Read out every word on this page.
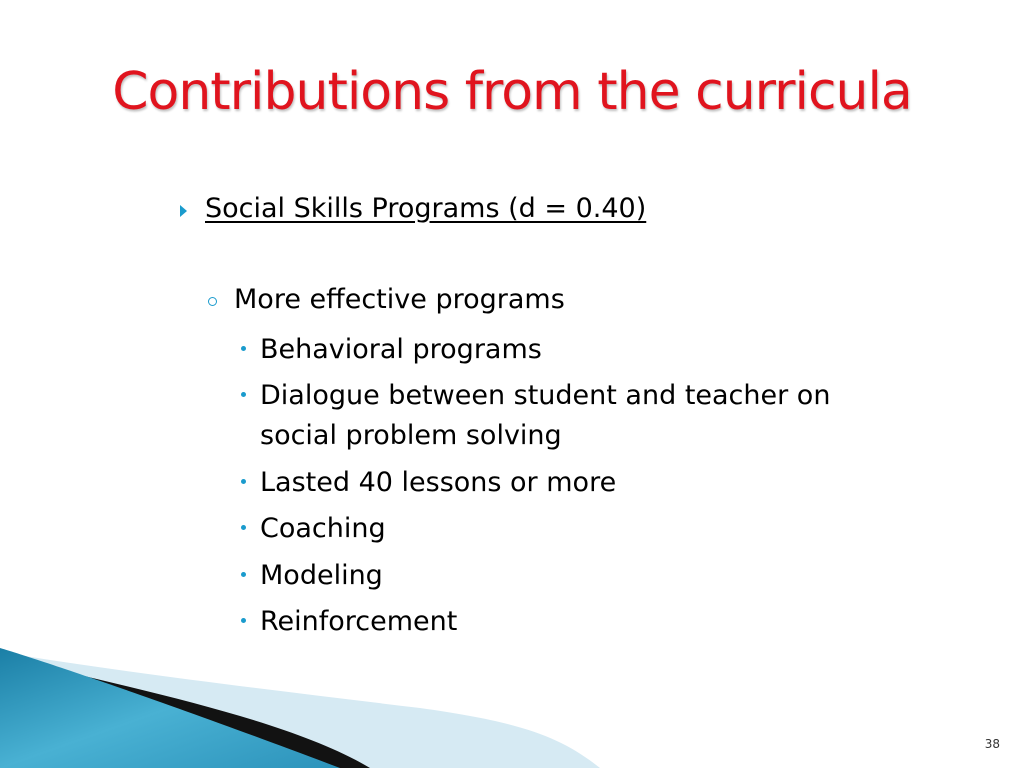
Contributions from the curricula
Social Skills Programs (d = 0.40)
More effective programs
Behavioral programs
Dialogue between student and teacher on
social problem solving
Lasted 40 lessons or more
Coaching
Modeling
Reinforcement
38
